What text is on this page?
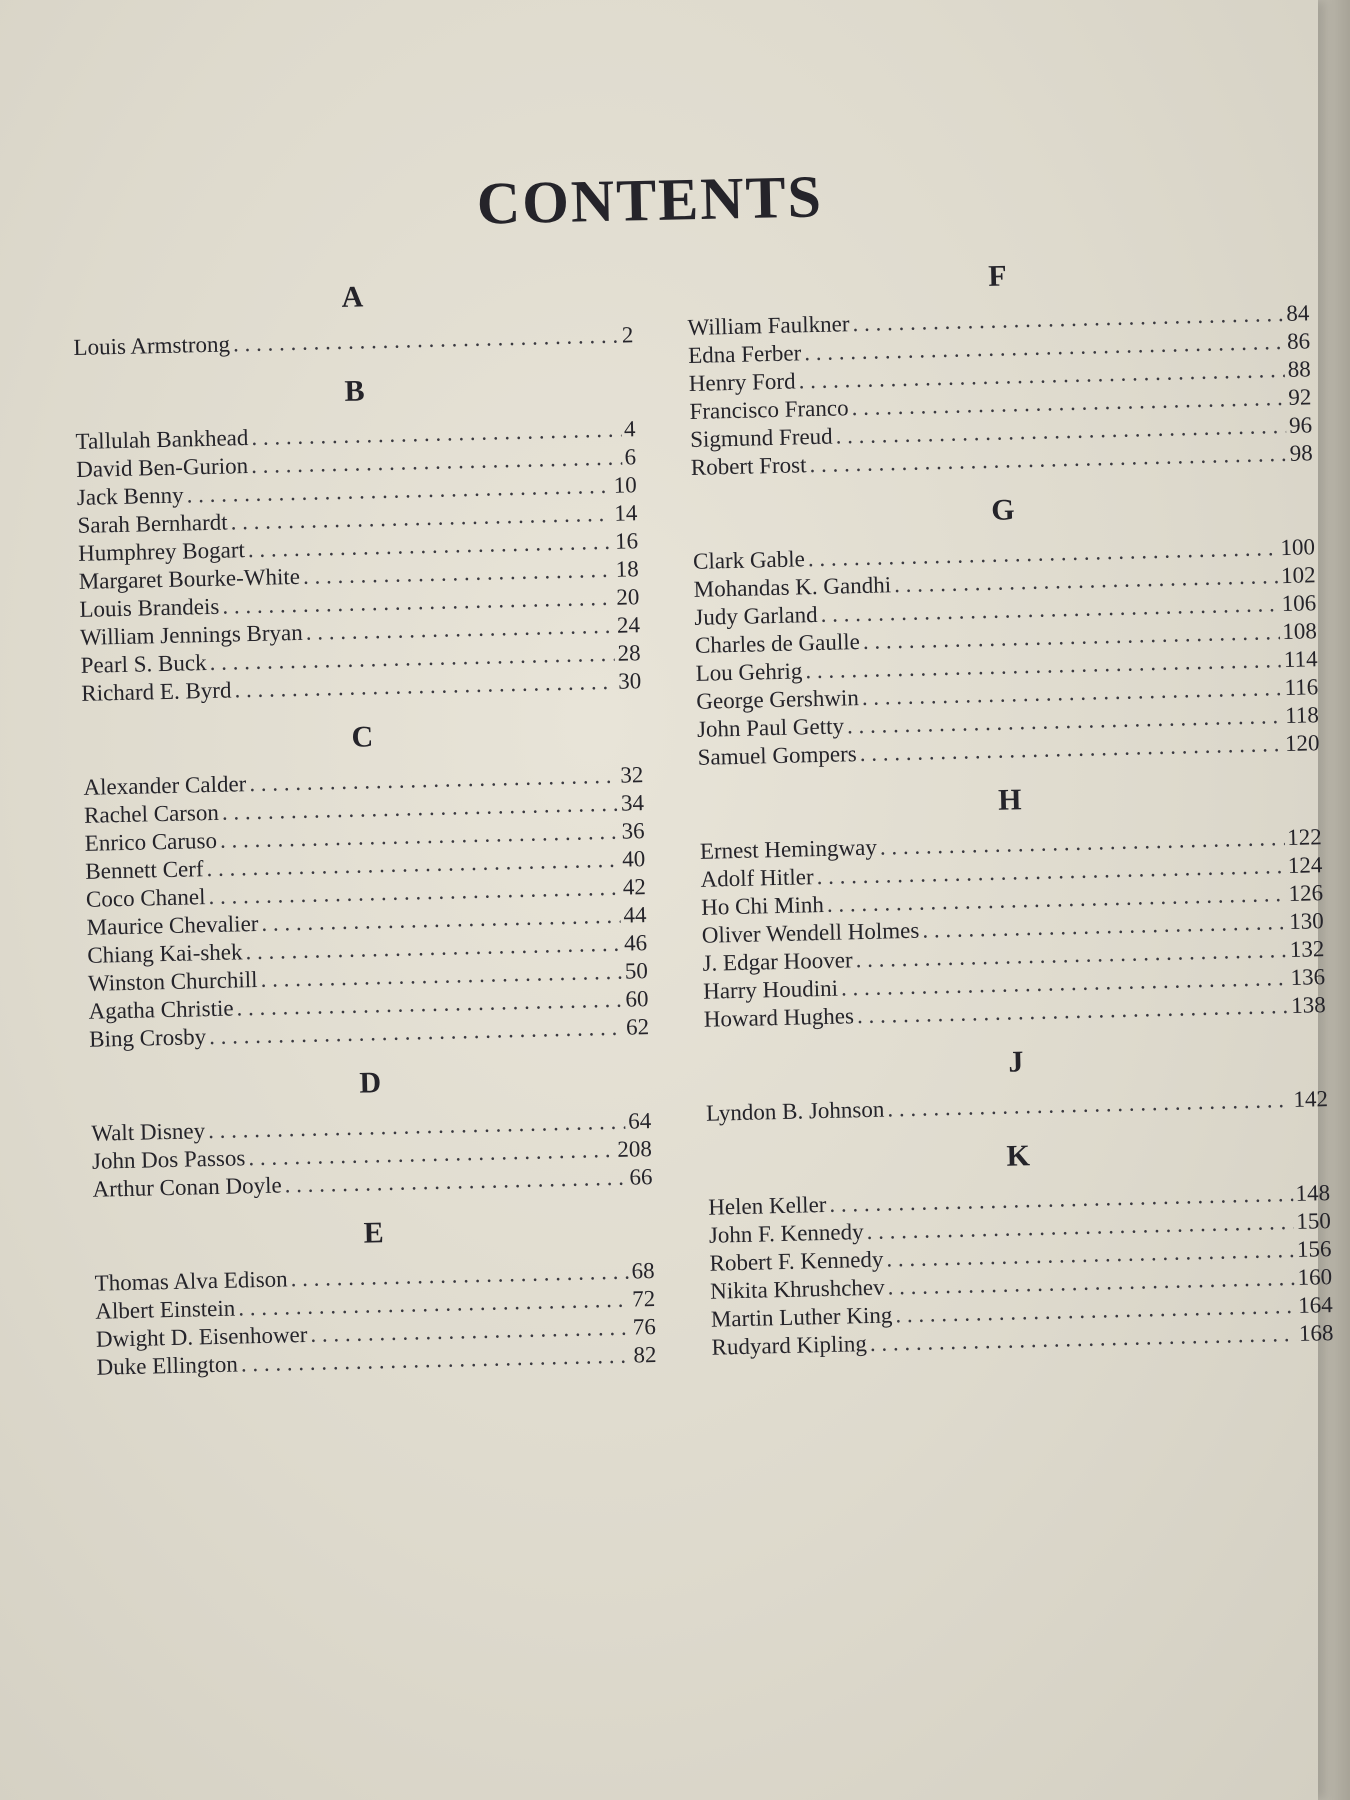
CONTENTS
A
Louis Armstrong . . .	2
B
Tallulah Bankhead . . .	4
David Ben-Gurion . . .	6
Jack Benny . . .	10
Sarah Bernhardt . . .	14
Humphrey Bogart . . .	16
Margaret Bourke-White . . .	18
Louis Brandeis . . .	20
William Jennings Bryan . . .	24
Pearl S. Buck . . .	28
Richard E. Byrd . . .	30
C
Alexander Calder . . .	32
Rachel Carson . . .	34
Enrico Caruso . . .	36
Bennett Cerf . . .	40
Coco Chanel . . .	42
Maurice Chevalier . . .	44
Chiang Kai-shek . . .	46
Winston Churchill . . .	50
Agatha Christie . . .	60
Bing Crosby . . .	62
D
Walt Disney . . .	64
John Dos Passos . . .	208
Arthur Conan Doyle . . .	66
E
Thomas Alva Edison . . .	68
Albert Einstein . . .	72
Dwight D. Eisenhower . . .	76
Duke Ellington . . .	82
F
William Faulkner . . .	84
Edna Ferber . . .	86
Henry Ford . . .	88
Francisco Franco . . .	92
Sigmund Freud . . .	96
Robert Frost . . .	98
G
Clark Gable . . .	100
Mohandas K. Gandhi . . .	102
Judy Garland . . .	106
Charles de Gaulle . . .	108
Lou Gehrig . . .	114
George Gershwin . . .	116
John Paul Getty . . .	118
Samuel Gompers . . .	120
H
Ernest Hemingway . . .	122
Adolf Hitler . . .	124
Ho Chi Minh . . .	126
Oliver Wendell Holmes . . .	130
J. Edgar Hoover . . .	132
Harry Houdini . . .	136
Howard Hughes . . .	138
J
Lyndon B. Johnson . . .	142
K
Helen Keller . . .	148
John F. Kennedy . . .	150
Robert F. Kennedy . . .	156
Nikita Khrushchev . . .	160
Martin Luther King . . .	164
Rudyard Kipling . . .	168
